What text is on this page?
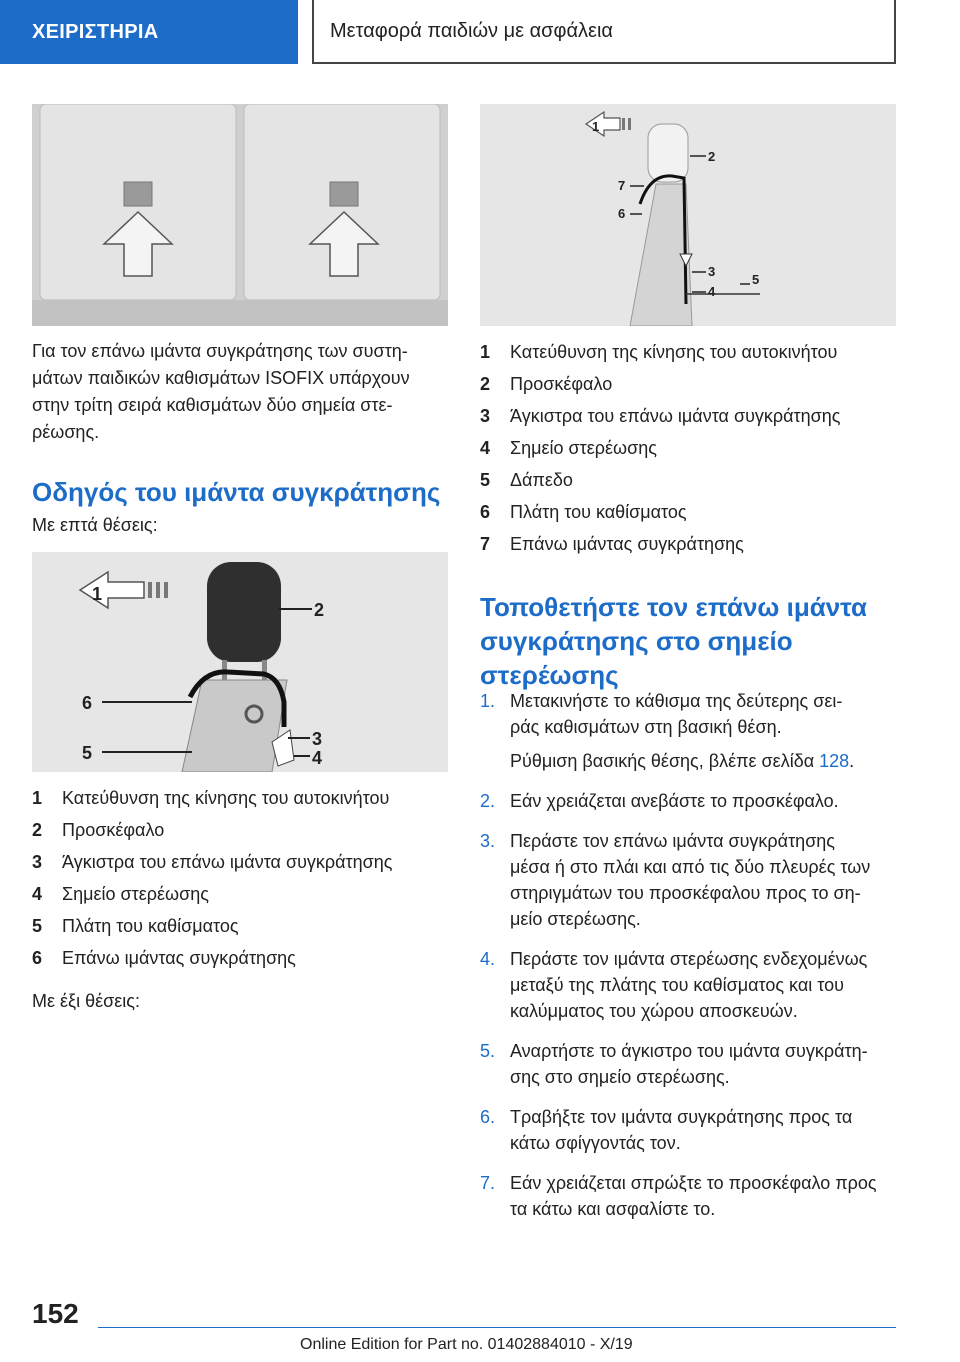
ΧΕΙΡΙΣΤΗΡΙΑ	Μεταφορά παιδιών με ασφάλεια

Για τον επάνω ιμάντα συγκράτησης των συστη-
μάτων παιδικών καθισμάτων ISOFIX υπάρχουν
στην τρίτη σειρά καθισμάτων δύο σημεία στε-
ρέωσης.

Οδηγός του ιμάντα συγκράτησης

Με επτά θέσεις:

1
2
6
5
3
4
1	Κατεύθυνση της κίνησης του αυτοκινήτου
2	Προσκέφαλο
3	Άγκιστρα του επάνω ιμάντα συγκράτησης
4	Σημείο στερέωσης
5	Πλάτη του καθίσματος
6	Επάνω ιμάντας συγκράτησης

Με έξι θέσεις:

1
2
7
6
3
4
5
1	Κατεύθυνση της κίνησης του αυτοκινήτου
2	Προσκέφαλο
3	Άγκιστρα του επάνω ιμάντα συγκράτησης
4	Σημείο στερέωσης
5	Δάπεδο
6	Πλάτη του καθίσματος
7	Επάνω ιμάντας συγκράτησης
Τοποθετήστε τον επάνω ιμάντα
συγκράτησης στο σημείο
στερέωσης
1. Μετακινήστε το κάθισμα της δεύτερης σει-
ράς καθισμάτων στη βασική θέση.
Ρύθμιση βασικής θέσης, βλέπε σελίδα 128.
2. Εάν χρειάζεται ανεβάστε το προσκέφαλο.
3. Περάστε τον επάνω ιμάντα συγκράτησης
μέσα ή στο πλάι και από τις δύο πλευρές των
στηριγμάτων του προσκέφαλου προς το ση-
μείο στερέωσης.
4. Περάστε τον ιμάντα στερέωσης ενδεχομένως
μεταξύ της πλάτης του καθίσματος και του
καλύμματος του χώρου αποσκευών.
5. Αναρτήστε το άγκιστρο του ιμάντα συγκράτη-
σης στο σημείο στερέωσης.
6. Τραβήξτε τον ιμάντα συγκράτησης προς τα
κάτω σφίγγοντάς τον.
7. Εάν χρειάζεται σπρώξτε το προσκέφαλο προς
τα κάτω και ασφαλίστε το.
152
Online Edition for Part no. 01402884010 - X/19
